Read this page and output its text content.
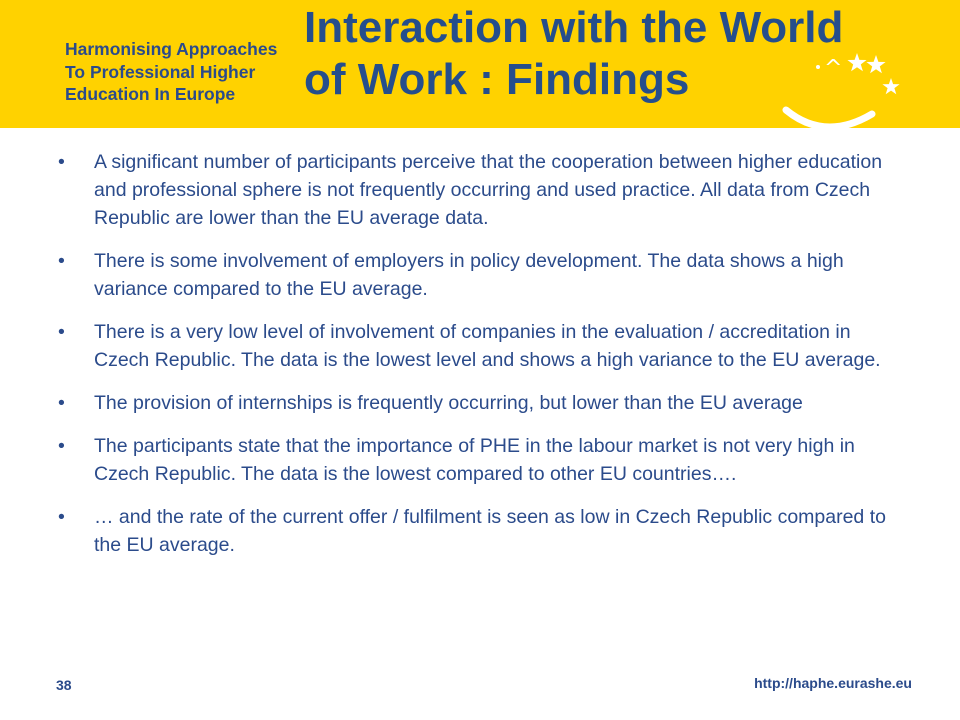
Harmonising Approaches
To Professional Higher
Education In Europe
Interaction with the World
of Work : Findings	^
• A significant number of participants perceive that the cooperation between higher education and professional sphere is not frequently occurring and used practice. All data from Czech Republic are lower than the EU average data.
• There is some involvement of employers in policy development. The data shows a high variance compared to the EU average.
• There is a very low level of involvement of companies in the evaluation / accreditation in Czech Republic. The data is the lowest level and shows a high variance to the EU average.
• The provision of internships is frequently occurring, but lower than the EU average
• The participants state that the importance of PHE in the labour market is not very high in Czech Republic. The data is the lowest compared to other EU countries….
• … and the rate of the current offer / fulfilment is seen as low in Czech Republic compared to the EU average.
38	http://haphe.eurashe.eu
